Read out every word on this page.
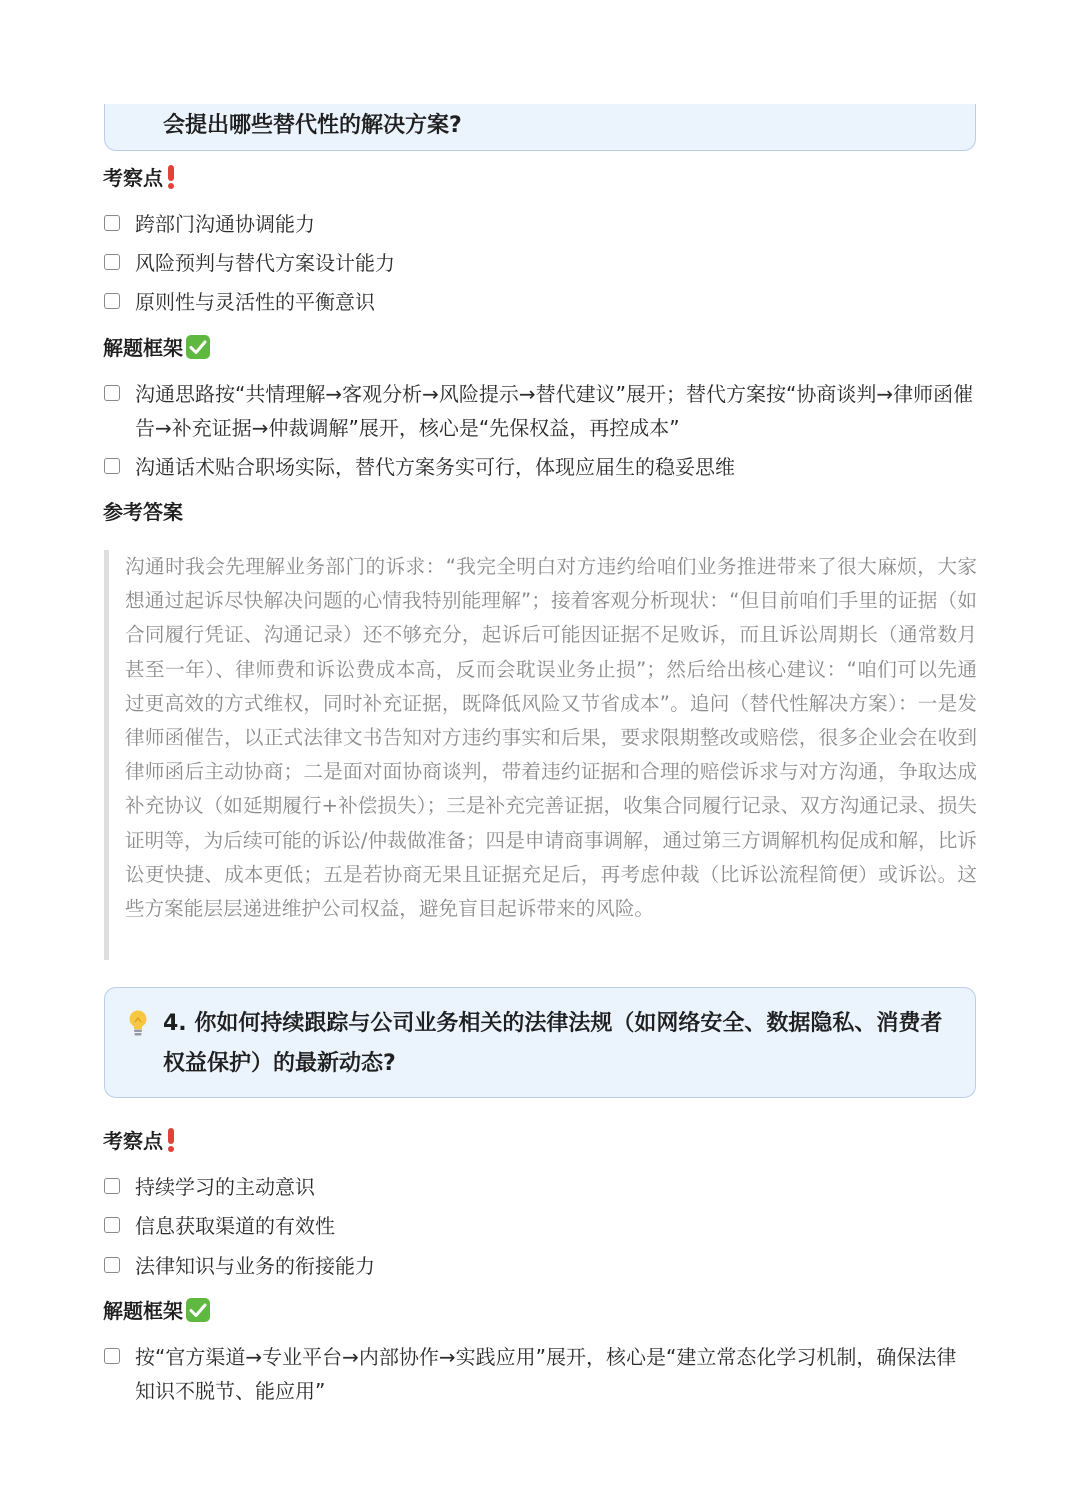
会提出哪些替代性的解决方案?
考察点
跨部门沟通协调能力
风险预判与替代方案设计能力
原则性与灵活性的平衡意识
解题框架
沟通思路按“共情理解→客观分析→风险提示→替代建议”展开；替代方案按“协商谈判→律师函催告→补充证据→仲裁调解”展开，核心是“先保权益，再控成本”
沟通话术贴合职场实际，替代方案务实可行，体现应届生的稳妥思维
参考答案
沟通时我会先理解业务部门的诉求：“我完全明白对方违约给咱们业务推进带来了很大麻烦，大家想通过起诉尽快解决问题的心情我特别能理解”；接着客观分析现状：“但目前咱们手里的证据（如合同履行凭证、沟通记录）还不够充分，起诉后可能因证据不足败诉，而且诉讼周期长（通常数月甚至一年）、律师费和诉讼费成本高，反而会耽误业务止损”；然后给出核心建议：“咱们可以先通过更高效的方式维权，同时补充证据，既降低风险又节省成本”。追问（替代性解决方案）：一是发律师函催告，以正式法律文书告知对方违约事实和后果，要求限期整改或赔偿，很多企业会在收到律师函后主动协商；二是面对面协商谈判，带着违约证据和合理的赔偿诉求与对方沟通，争取达成补充协议（如延期履行+补偿损失）；三是补充完善证据，收集合同履行记录、双方沟通记录、损失证明等，为后续可能的诉讼/仲裁做准备；四是申请商事调解，通过第三方调解机构促成和解，比诉讼更快捷、成本更低；五是若协商无果且证据充足后，再考虑仲裁（比诉讼流程简便）或诉讼。这些方案能层层递进维护公司权益，避免盲目起诉带来的风险。
4. 你如何持续跟踪与公司业务相关的法律法规（如网络安全、数据隐私、消费者权益保护）的最新动态?
考察点
持续学习的主动意识
信息获取渠道的有效性
法律知识与业务的衔接能力
解题框架
按“官方渠道→专业平台→内部协作→实践应用”展开，核心是“建立常态化学习机制，确保法律知识不脱节、能应用”
